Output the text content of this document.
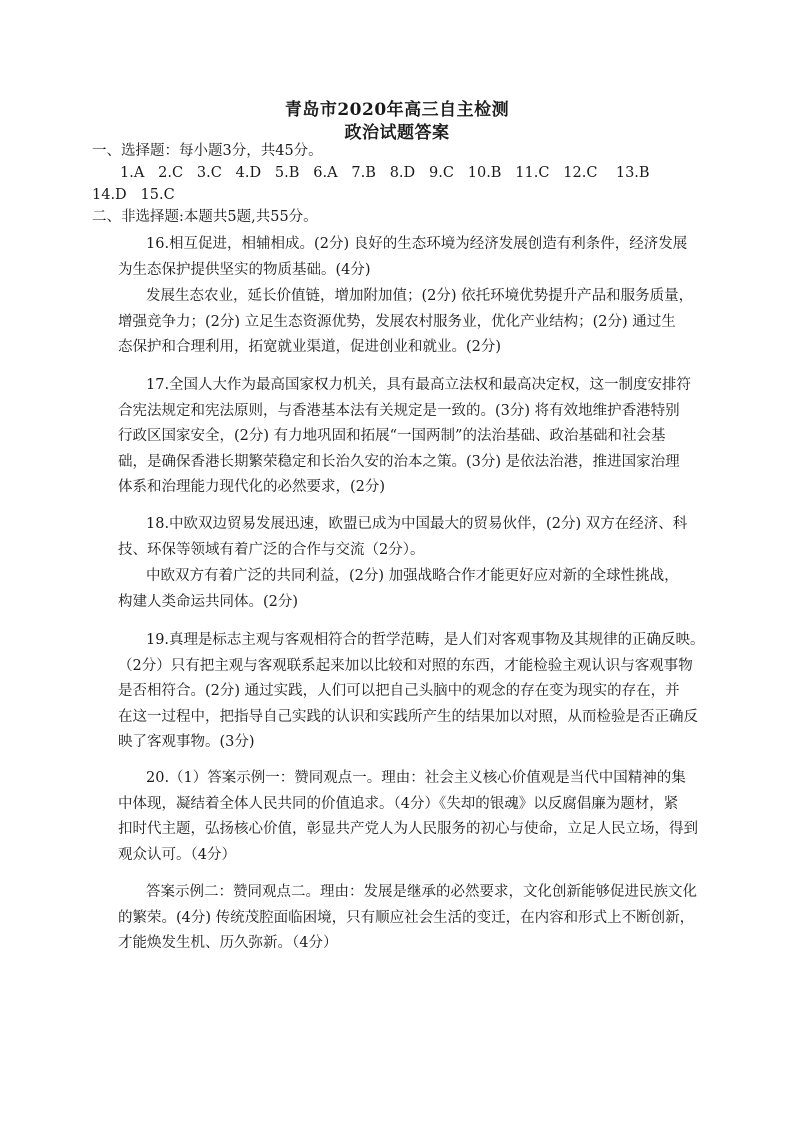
青岛市2020年高三自主检测
政治试题答案
一、选择题：每小题3分，共45分。
1.A   2.C   3.C   4.D   5.B   6.A   7.B   8.D   9.C   10.B   11.C   12.C    13.B
14.D   15.C
二、非选择题:本题共5题,共55分。
16.相互促进，相辅相成。(2分) 良好的生态环境为经济发展创造有利条件，经济发展
为生态保护提供坚实的物质基础。(4分)
发展生态农业，延长价值链，增加附加值；(2分) 依托环境优势提升产品和服务质量，
增强竞争力；(2分) 立足生态资源优势，发展农村服务业，优化产业结构；(2分) 通过生
态保护和合理利用，拓宽就业渠道，促进创业和就业。(2分)
17.全国人大作为最高国家权力机关，具有最高立法权和最高决定权，这一制度安排符
合宪法规定和宪法原则，与香港基本法有关规定是一致的。(3分) 将有效地维护香港特别
行政区国家安全，(2分) 有力地巩固和拓展“一国两制”的法治基础、政治基础和社会基
础，是确保香港长期繁荣稳定和长治久安的治本之策。(3分) 是依法治港，推进国家治理
体系和治理能力现代化的必然要求，(2分)
18.中欧双边贸易发展迅速，欧盟已成为中国最大的贸易伙伴，(2分) 双方在经济、科
技、环保等领域有着广泛的合作与交流（2分）。
中欧双方有着广泛的共同利益，(2分) 加强战略合作才能更好应对新的全球性挑战，
构建人类命运共同体。(2分)
19.真理是标志主观与客观相符合的哲学范畴，是人们对客观事物及其规律的正确反映。
（2分）只有把主观与客观联系起来加以比较和对照的东西，才能检验主观认识与客观事物
是否相符合。(2分) 通过实践，人们可以把自己头脑中的观念的存在变为现实的存在，并
在这一过程中，把指导自己实践的认识和实践所产生的结果加以对照，从而检验是否正确反
映了客观事物。(3分)
20.（1）答案示例一：赞同观点一。理由：社会主义核心价值观是当代中国精神的集
中体现，凝结着全体人民共同的价值追求。（4分）《失却的银魂》以反腐倡廉为题材，紧
扣时代主题，弘扬核心价值，彰显共产党人为人民服务的初心与使命，立足人民立场，得到
观众认可。（4分）
答案示例二：赞同观点二。理由：发展是继承的必然要求，文化创新能够促进民族文化
的繁荣。(4分) 传统茂腔面临困境，只有顺应社会生活的变迁，在内容和形式上不断创新，
才能焕发生机、历久弥新。（4分）
